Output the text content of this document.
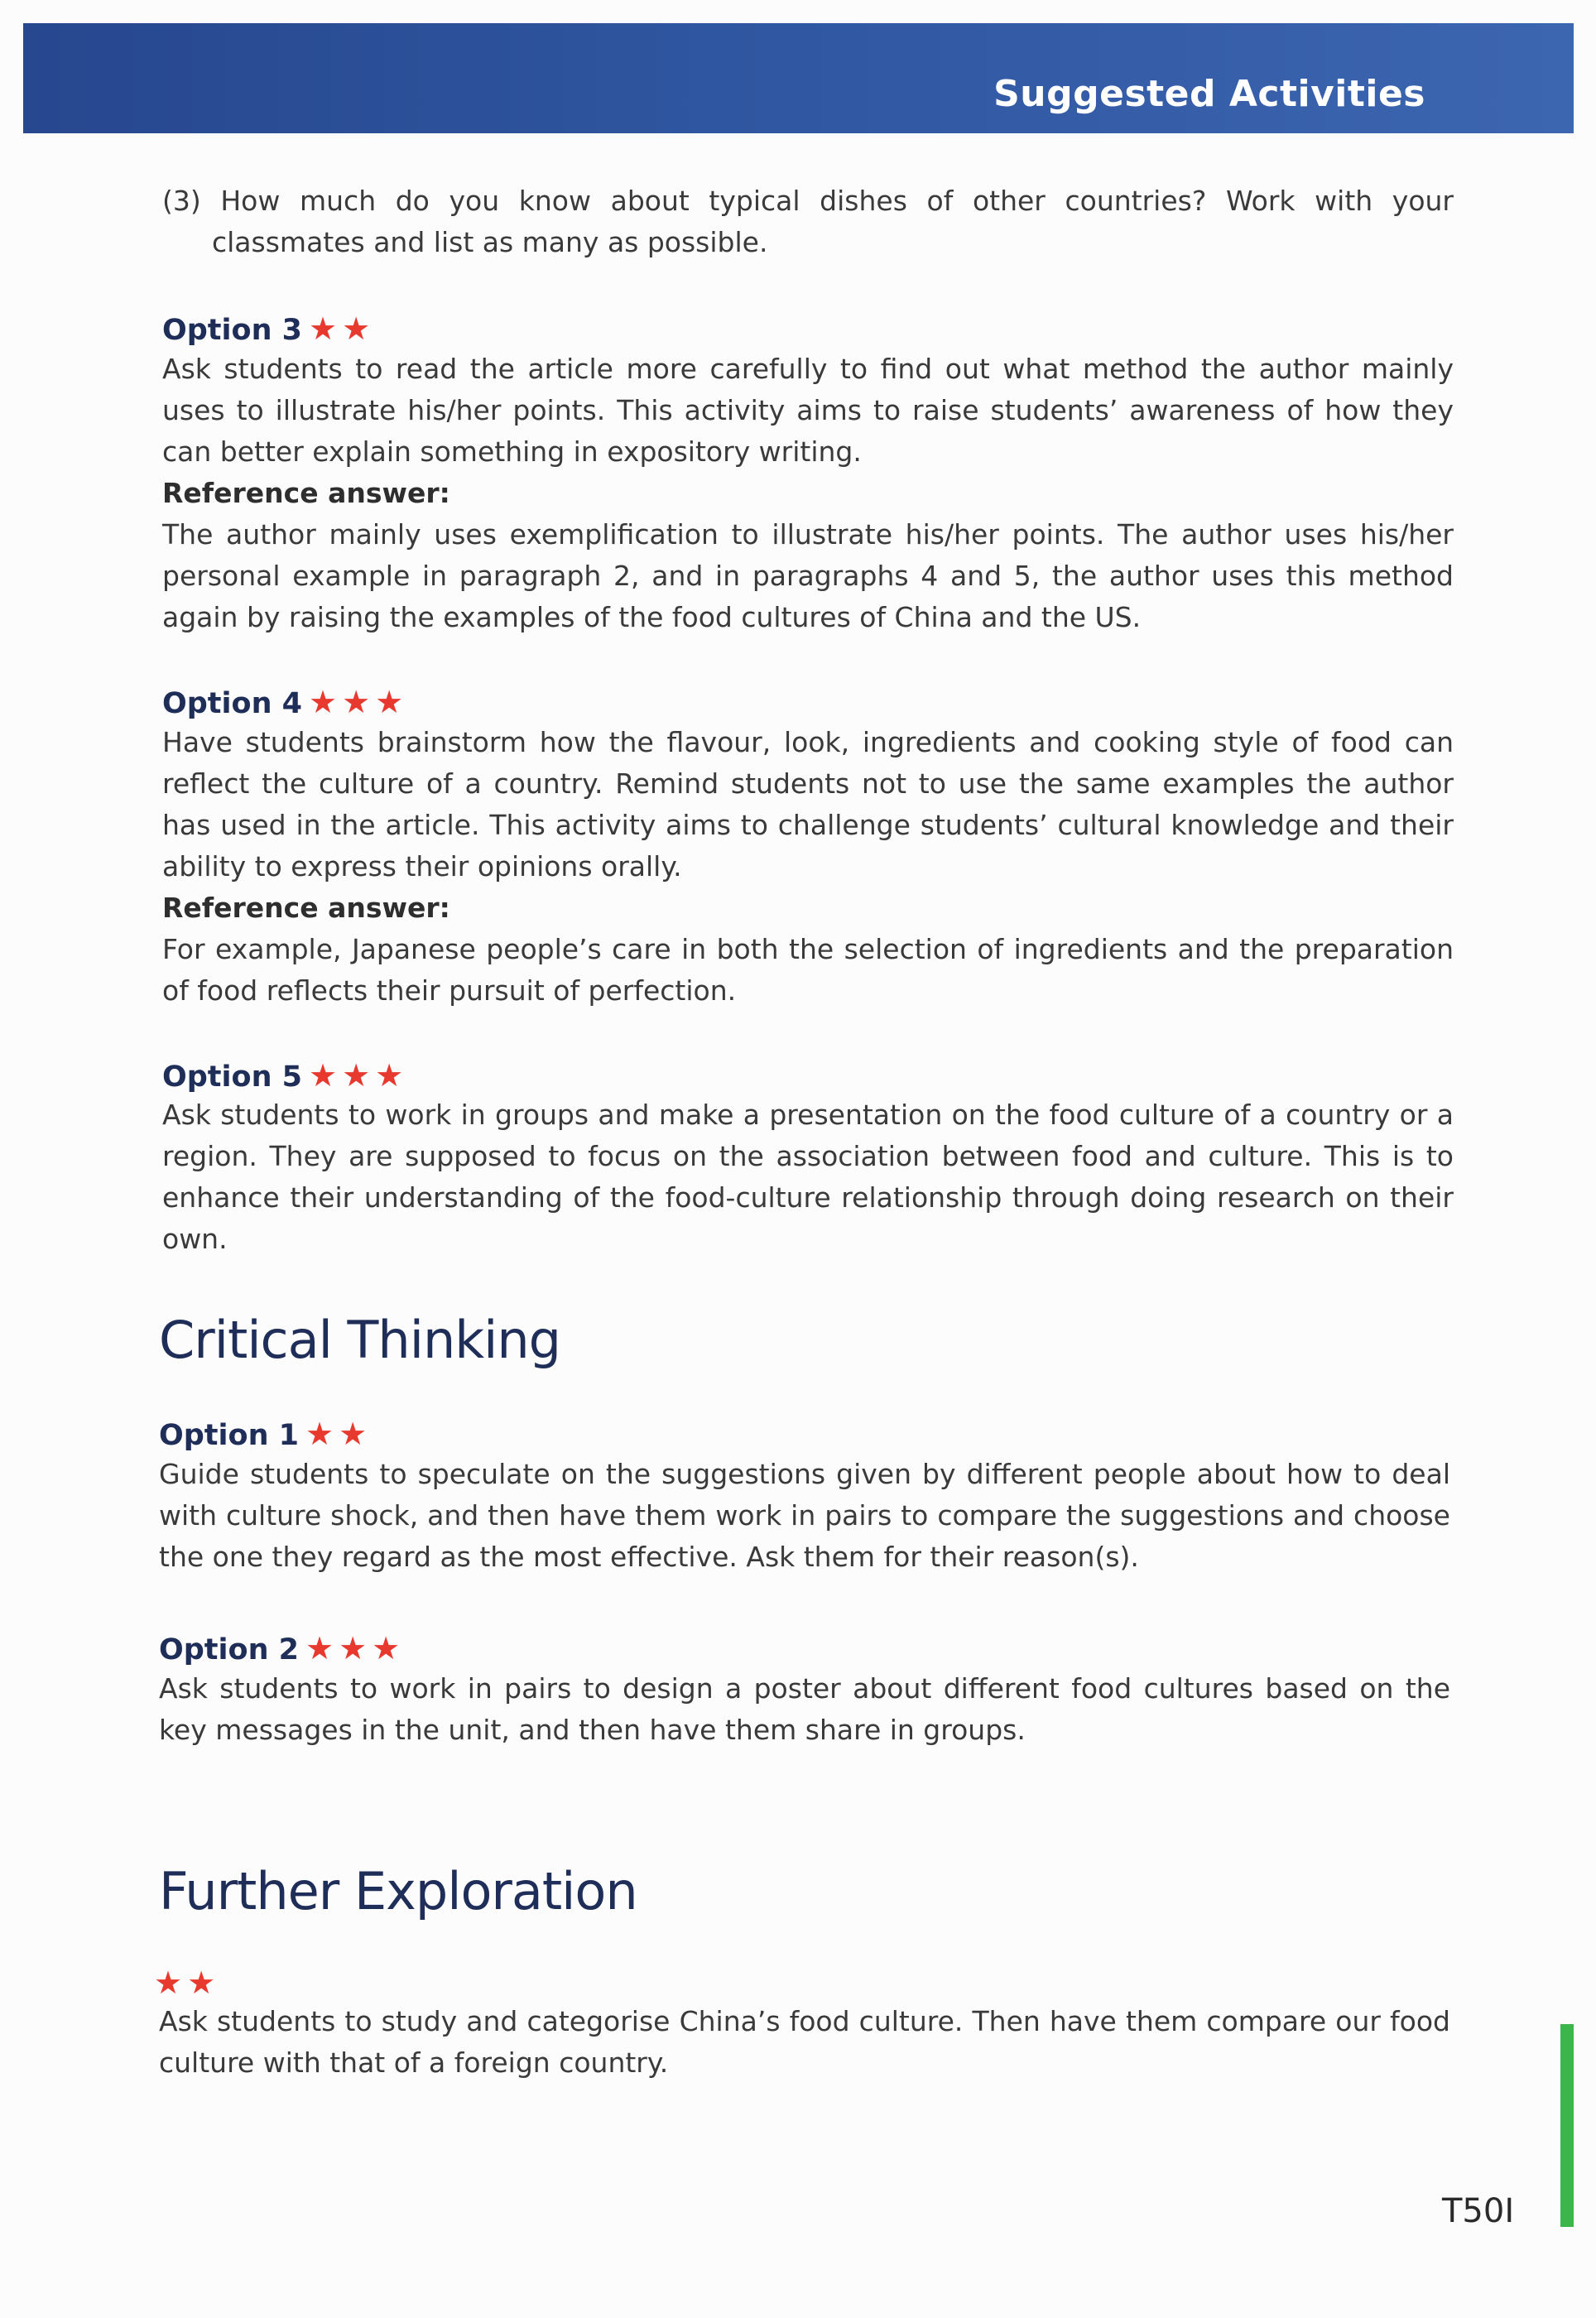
Suggested Activities

(3) How much do you know about typical dishes of other countries? Work with your classmates and list as many as possible.

Option 3 ★★

Ask students to read the article more carefully to find out what method the author mainly uses to illustrate his/her points. This activity aims to raise students’ awareness of how they can better explain something in expository writing.

Reference answer:

The author mainly uses exemplification to illustrate his/her points. The author uses his/her personal example in paragraph 2, and in paragraphs 4 and 5, the author uses this method again by raising the examples of the food cultures of China and the US.

Option 4 ★★★

Have students brainstorm how the flavour, look, ingredients and cooking style of food can reflect the culture of a country. Remind students not to use the same examples the author has used in the article. This activity aims to challenge students’ cultural knowledge and their ability to express their opinions orally.

Reference answer:

For example, Japanese people’s care in both the selection of ingredients and the preparation of food reflects their pursuit of perfection.

Option 5 ★★★

Ask students to work in groups and make a presentation on the food culture of a country or a region. They are supposed to focus on the association between food and culture. This is to enhance their understanding of the food-culture relationship through doing research on their own.

Critical Thinking
Option 1 ★★

Guide students to speculate on the suggestions given by different people about how to deal with culture shock, and then have them work in pairs to compare the suggestions and choose the one they regard as the most effective. Ask them for their reason(s).

Option 2 ★★★

Ask students to work in pairs to design a poster about different food cultures based on the key messages in the unit, and then have them share in groups.

Further Exploration
★★

Ask students to study and categorise China’s food culture. Then have them compare our food culture with that of a foreign country.

T50I
